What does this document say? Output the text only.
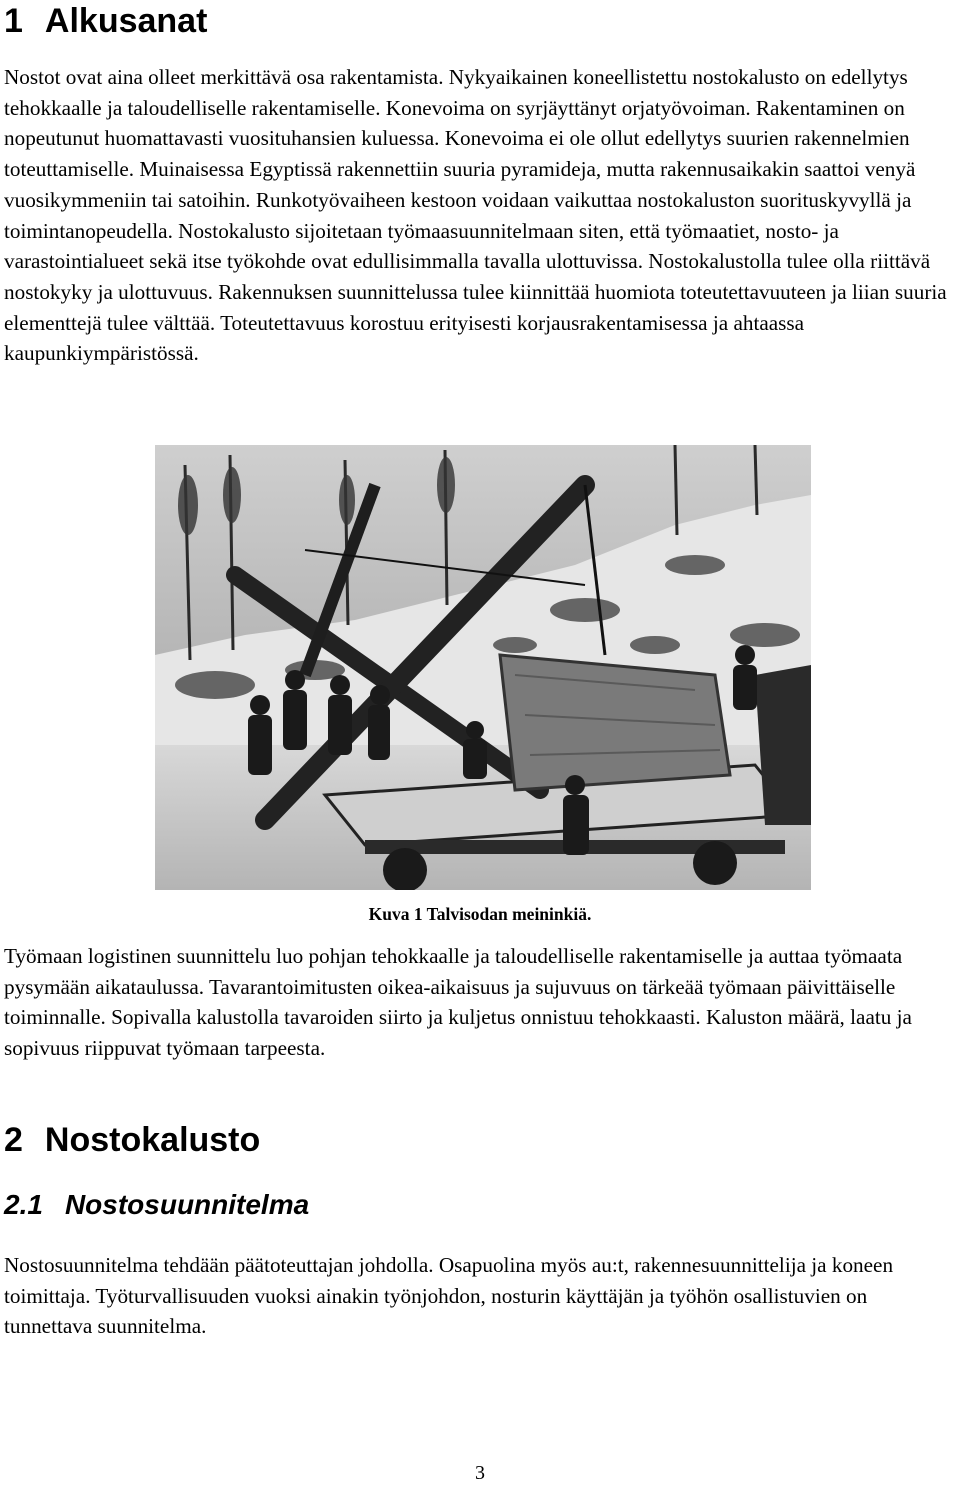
1 Alkusanat

Nostot ovat aina olleet merkittävä osa rakentamista. Nykyaikainen koneellistettu nostokalusto on edellytys tehokkaalle ja taloudelliselle rakentamiselle. Konevoima on syrjäyttänyt orjatyövoiman. Rakentaminen on nopeutunut huomattavasti vuosituhansien kuluessa. Konevoima ei ole ollut edellytys suurien rakennelmien toteuttamiselle. Muinaisessa Egyptissä rakennettiin suuria pyramideja, mutta rakennusaikakin saattoi venyä vuosikymmeniin tai satoihin. Runkotyövaiheen kestoon voidaan vaikuttaa nostokaluston suorituskyvyllä ja toimintanopeudella. Nostokalusto sijoitetaan työmaasuunnitelmaan siten, että työmaatiet, nosto- ja varastointialueet sekä itse työkohde ovat edullisimmalla tavalla ulottuvissa. Nostokalustolla tulee olla riittävä nostokyky ja ulottuvuus. Rakennuksen suunnittelussa tulee kiinnittää huomiota toteutettavuuteen ja liian suuria elementtejä tulee välttää. Toteutettavuus korostuu erityisesti korjausrakentamisessa ja ahtaassa kaupunkiympäristössä.

Kuva 1 Talvisodan meininkiä.

Työmaan logistinen suunnittelu luo pohjan tehokkaalle ja taloudelliselle rakentamiselle ja auttaa työmaata pysymään aikataulussa. Tavarantoimitusten oikea-aikaisuus ja sujuvuus on tärkeää työmaan päivittäiselle toiminnalle. Sopivalla kalustolla tavaroiden siirto ja kuljetus onnistuu tehokkaasti. Kaluston määrä, laatu ja sopivuus riippuvat työmaan tarpeesta.

2 Nostokalusto
2.1 Nostosuunnitelma

Nostosuunnitelma tehdään päätoteuttajan johdolla. Osapuolina myös au:t, rakennesuunnittelija ja koneen toimittaja. Työturvallisuuden vuoksi ainakin työnjohdon, nosturin käyttäjän ja työhön osallistuvien on tunnettava suunnitelma.

3
